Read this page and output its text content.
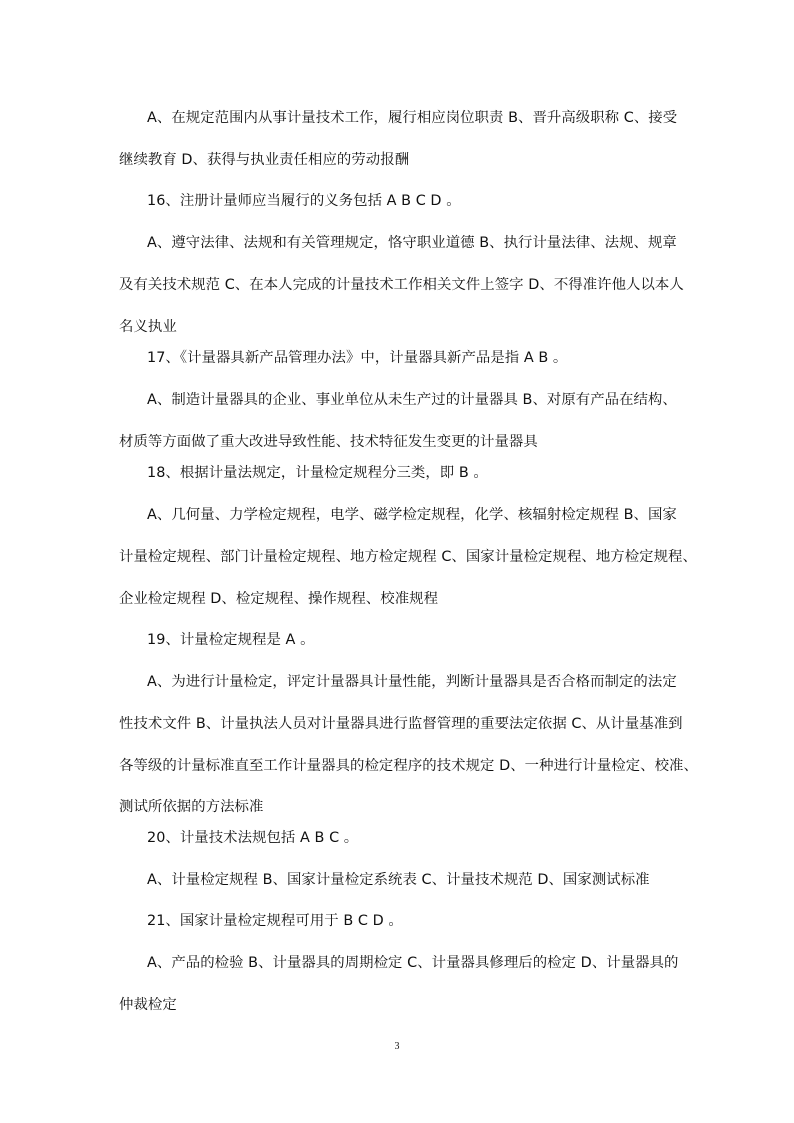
A、在规定范围内从事计量技术工作，履行相应岗位职责 B、晋升高级职称 C、接受
继续教育 D、获得与执业责任相应的劳动报酬
16、注册计量师应当履行的义务包括 A B C D 。
A、遵守法律、法规和有关管理规定，恪守职业道德 B、执行计量法律、法规、规章
及有关技术规范 C、在本人完成的计量技术工作相关文件上签字 D、不得准许他人以本人
名义执业
17、《计量器具新产品管理办法》中，计量器具新产品是指 A B 。
A、制造计量器具的企业、事业单位从未生产过的计量器具 B、对原有产品在结构、
材质等方面做了重大改进导致性能、技术特征发生变更的计量器具
18、根据计量法规定，计量检定规程分三类，即 B 。
A、几何量、力学检定规程，电学、磁学检定规程，化学、核辐射检定规程 B、国家
计量检定规程、部门计量检定规程、地方检定规程 C、国家计量检定规程、地方检定规程、
企业检定规程 D、检定规程、操作规程、校准规程
19、计量检定规程是 A 。
A、为进行计量检定，评定计量器具计量性能，判断计量器具是否合格而制定的法定
性技术文件 B、计量执法人员对计量器具进行监督管理的重要法定依据 C、从计量基准到
各等级的计量标准直至工作计量器具的检定程序的技术规定 D、一种进行计量检定、校准、
测试所依据的方法标准
20、计量技术法规包括 A B C 。
A、计量检定规程 B、国家计量检定系统表 C、计量技术规范 D、国家测试标准
21、国家计量检定规程可用于 B C D 。
A、产品的检验 B、计量器具的周期检定 C、计量器具修理后的检定 D、计量器具的
仲裁检定
3
